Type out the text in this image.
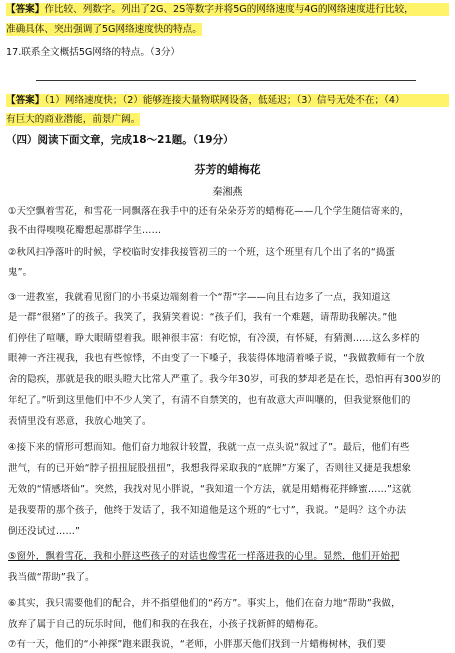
【答案】作比较、列数字。列出了2G、2S等数字并将5G的网络速度与4G的网络速度进行比较，
准确具体、突出强调了5G网络速度快的特点。
17.联系全文概括5G网络的特点。（3分）
【答案】（1）网络速度快；（2）能够连接大量物联网设备，低延迟；（3）信号无处不在；（4）
有巨大的商业潜能，前景广阔。
（四）阅读下面文章，完成18～21题。（19分）
芬芳的蜡梅花
秦湘燕
①天空飘着雪花，和雪花一同飘落在我手中的还有朵朵芬芳的蜡梅花——几个学生随信寄来的，
我不由得嗅嗅花瓣想起那群学生……
②秋风扫净落叶的时候，学校临时安排我接管初三的一个班，这个班里有几个出了名的“捣蛋
鬼”。
③一进教室，我就看见窗门的小书桌边端刻着一个“帮”字——向且右边多了一点，我知道这
是一群“很猪”了的孩子。我笑了，我猜笑着说：“孩子们，我有一个难题，请帮助我解决。”他
们停住了喧嚷，睁大眼睛望着我。眼神很丰富：有吃惊，有冷漠，有怀疑，有猜测……这么多样的
眼神一齐注视我，我也有些惊悸，不由变了一下嗓子，我装得体地清着嗓子说，“我做教师有一个放
舍的隐疾，那就是我的眼头瞪大比常人严重了。我今年30岁，可我的梦却老是在长，恐怕再有300岁的
年纪了。”听到这里他们中不少人笑了，有清不自禁笑的，也有故意大声叫嚷的，但我觉察他们的
表情里没有恶意，我放心地笑了。
④接下来的情形可想而知。他们奋力地叙计较置，我就一点一点头说“叙过了”。最后，他们有些
泄气，有的已开始“脖子扭扭屁股扭扭”，我想我得采取我的“底牌”方案了，否则往又捷是我想象
无效的“情感塔仙”。突然，我找对见小胖说，“我知道一个方法，就是用蜡梅花拌蜂蜜……”这就
是我要帮的那个孩子，他终于发话了，我不知道他是这个班的“七寸”，我说。“是吗？这个办法
倒还没试过……”
⑤窗外，飘着雪花，我和小胖这些孩子的对话也像雪花一样落进我的心里。显然，他们开始把
我当做“帮助”我了。
⑥其实，我只需要他们的配合，并不指望他们的“药方”。事实上，他们在奋力地“帮助”我做，
放弃了属于自己的玩乐时间，他们和我的在我在，小孩子找新鲜的蜡梅花。
⑦有一天，他们的“小神探”跑来跟我说，“老师，小胖那天他们找到一片蜡梅树林，我们要
